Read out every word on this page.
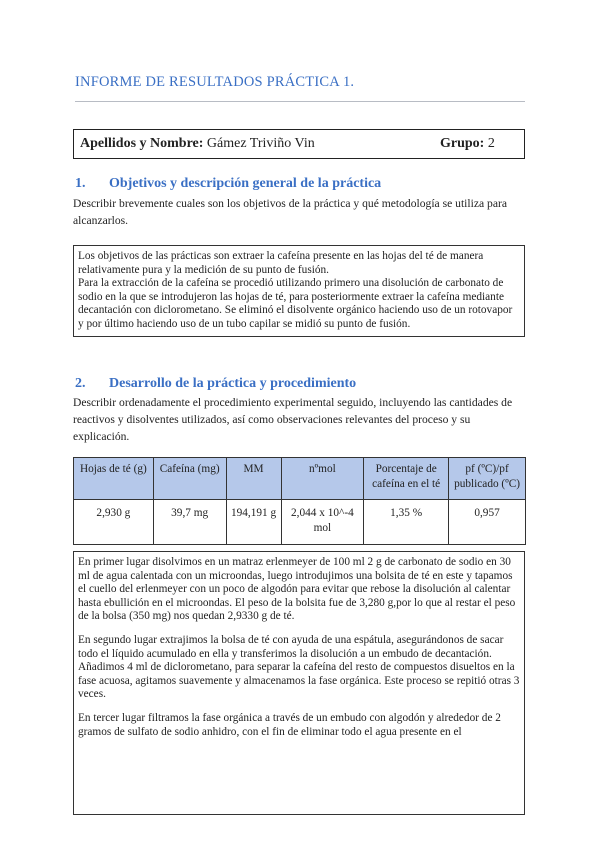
INFORME DE RESULTADOS PRÁCTICA 1.
Apellidos y Nombre: Gámez Triviño Vin	Grupo: 2
1. Objetivos y descripción general de la práctica
Describir brevemente cuales son los objetivos de la práctica y qué metodología se utiliza para alcanzarlos.

Los objetivos de las prácticas son extraer la cafeína presente en las hojas del té de manera relativamente pura y la medición de su punto de fusión.

Para la extracción de la cafeína se procedió utilizando primero una disolución de carbonato de sodio en la que se introdujeron las hojas de té, para posteriormente extraer la cafeína mediante decantación con diclorometano. Se eliminó el disolvente orgánico haciendo uso de un rotovapor y por último haciendo uso de un tubo capilar se midió su punto de fusión.

2. Desarrollo de la práctica y procedimiento
Describir ordenadamente el procedimiento experimental seguido, incluyendo las cantidades de reactivos y disolventes utilizados, así como observaciones relevantes del proceso y su explicación.
Hojas de té (g)	Cafeína (mg)	MM	nºmol	Porcentaje de cafeína en el té	pf (ºC)/pf publicado (ºC)
2,930 g	39,7 mg	194,191 g	2,044 x 10^-4 mol	1,35 %	0,957

En primer lugar disolvimos en un matraz erlenmeyer de 100 ml 2 g de carbonato de sodio en 30 ml de agua calentada con un microondas, luego introdujimos una bolsita de té en este y tapamos el cuello del erlenmeyer con un poco de algodón para evitar que rebose la disolución al calentar hasta ebullición en el microondas. El peso de la bolsita fue de 3,280 g,por lo que al restar el peso de la bolsa (350 mg) nos quedan 2,9330 g de té.

En segundo lugar extrajimos la bolsa de té con ayuda de una espátula, asegurándonos de sacar todo el líquido acumulado en ella y transferimos la disolución a un embudo de decantación. Añadimos 4 ml de diclorometano, para separar la cafeína del resto de compuestos disueltos en la fase acuosa, agitamos suavemente y almacenamos la fase orgánica. Este proceso se repitió otras 3 veces.

En tercer lugar filtramos la fase orgánica a través de un embudo con algodón y alrededor de 2 gramos de sulfato de sodio anhidro, con el fin de eliminar todo el agua presente en el
